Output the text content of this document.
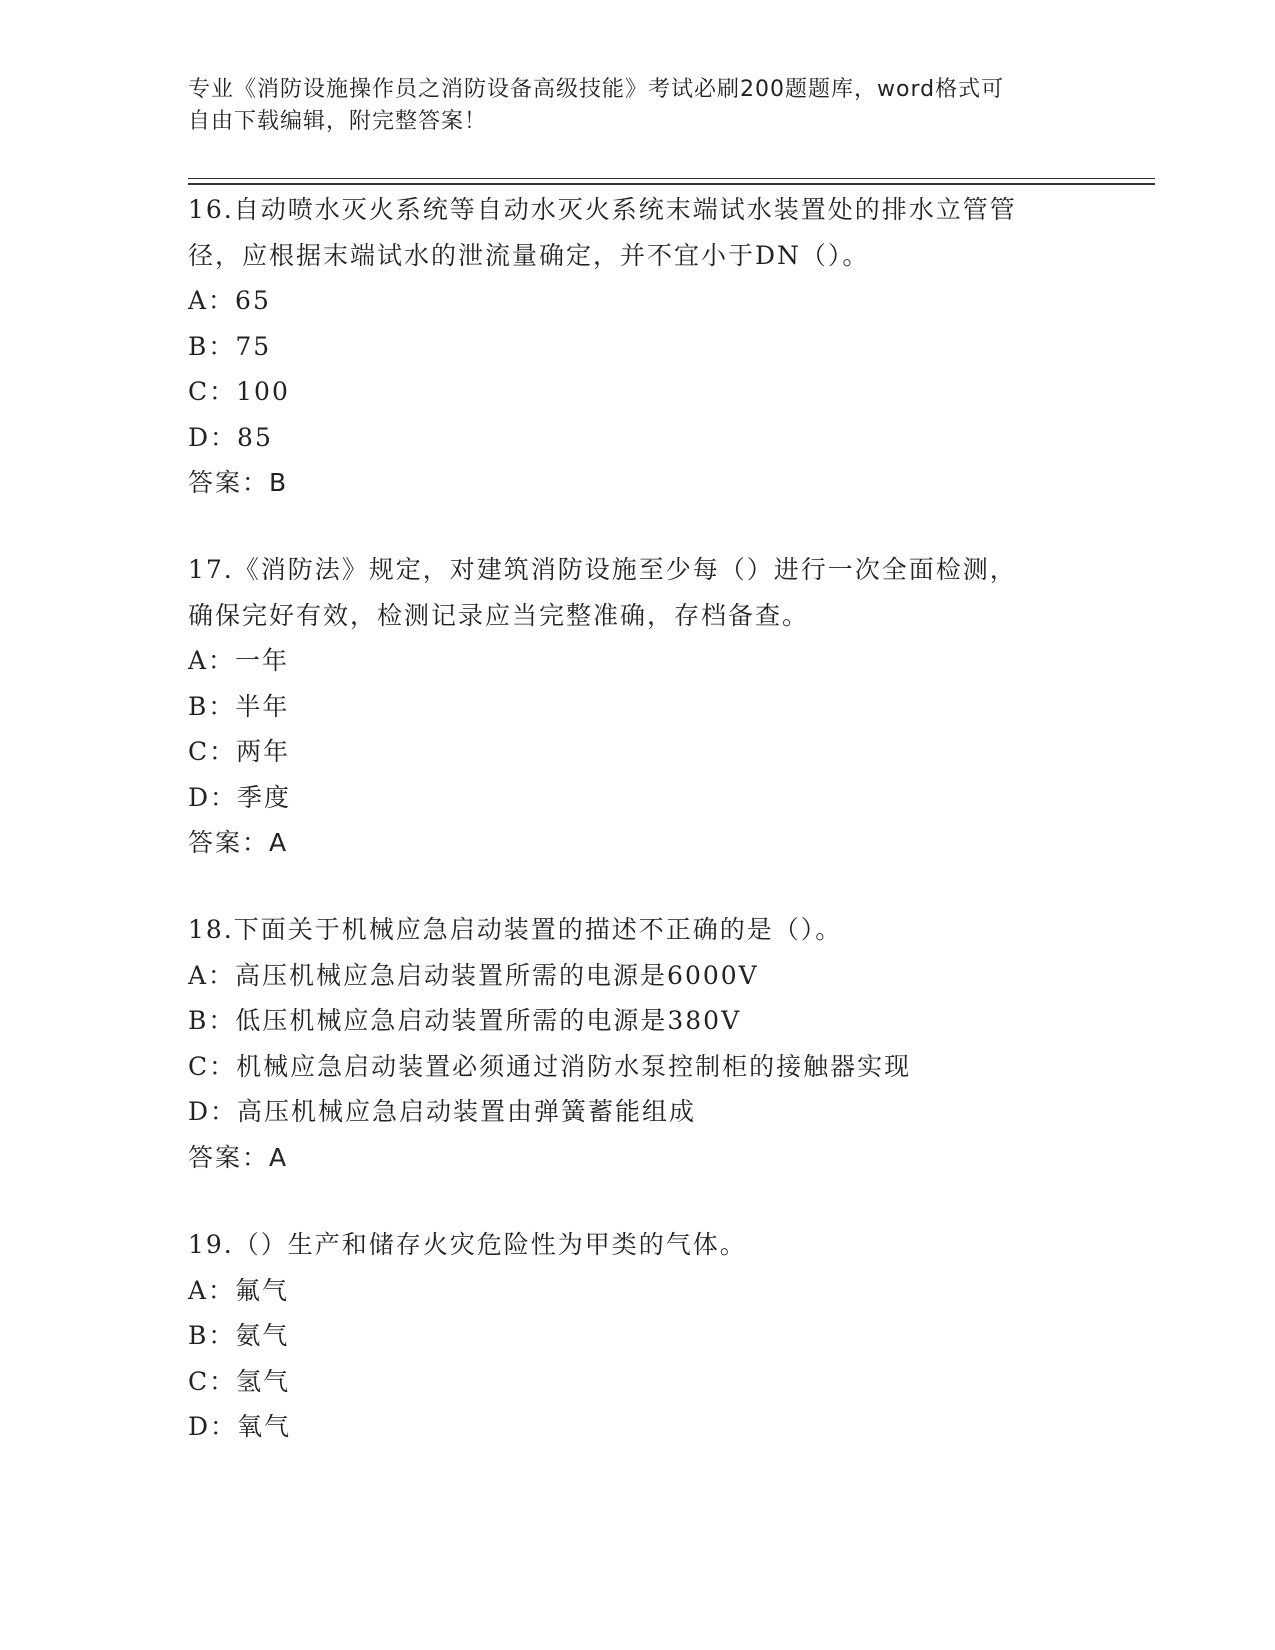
专业《消防设施操作员之消防设备高级技能》考试必刷200题题库，word格式可
自由下载编辑，附完整答案！
16.自动喷水灭火系统等自动水灭火系统末端试水装置处的排水立管管
径，应根据末端试水的泄流量确定，并不宜小于DN（）。
A：65
B：75
C：100
D：85
答案：B
17.《消防法》规定，对建筑消防设施至少每（）进行一次全面检测，
确保完好有效，检测记录应当完整准确，存档备查。
A：一年
B：半年
C：两年
D：季度
答案：A
18.下面关于机械应急启动装置的描述不正确的是（）。
A：高压机械应急启动装置所需的电源是6000V
B：低压机械应急启动装置所需的电源是380V
C：机械应急启动装置必须通过消防水泵控制柜的接触器实现
D：高压机械应急启动装置由弹簧蓄能组成
答案：A
19.（）生产和储存火灾危险性为甲类的气体。
A：氟气
B：氨气
C：氢气
D：氧气
